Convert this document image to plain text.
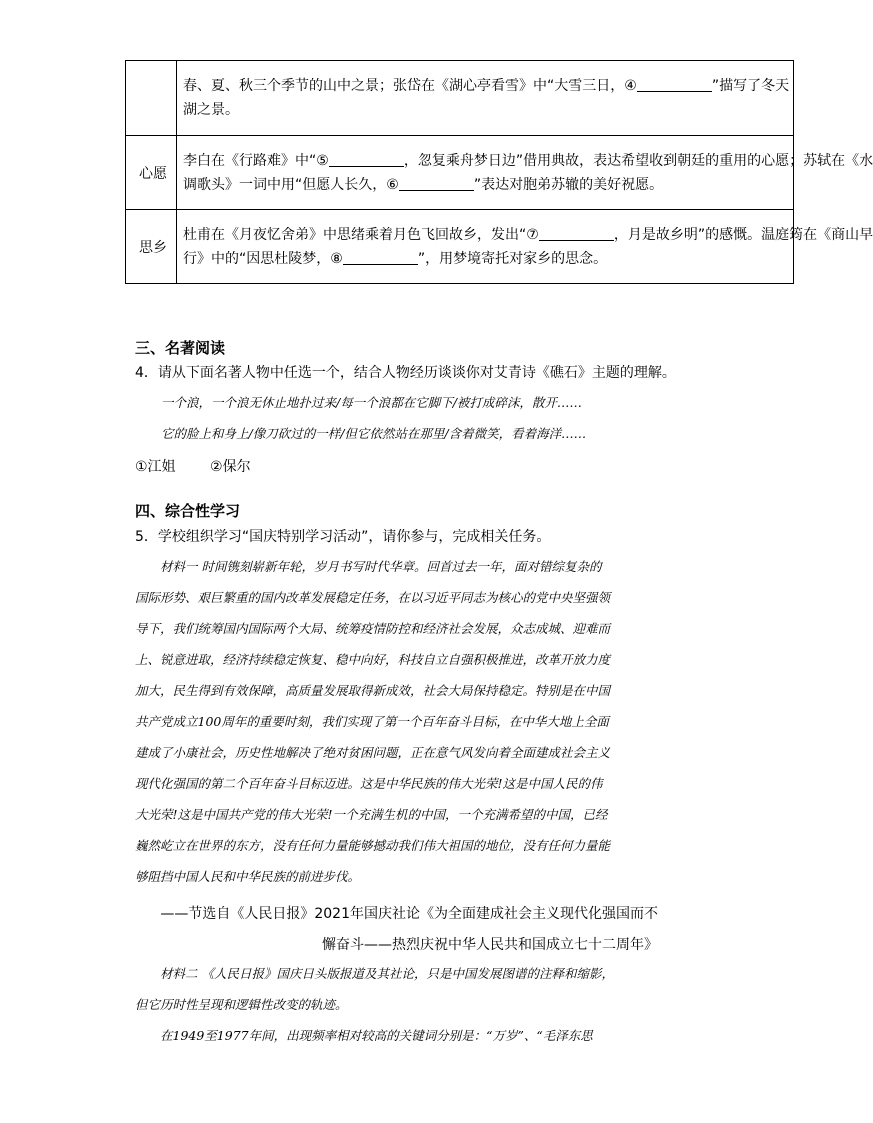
	春、夏、秋三个季节的山中之景；张岱在《湖心亭看雪》中“大雪三日，④ ”描写了冬天
湖之景。

心愿	李白在《行路难》中“⑤ ，忽复乘舟梦日边”借用典故，表达希望收到朝廷的重用的心愿；苏轼在《水
调歌头》一词中用“但愿人长久，⑥ ”表达对胞弟苏辙的美好祝愿。

思乡	杜甫在《月夜忆舍弟》中思绪乘着月色飞回故乡，发出“⑦ ，月是故乡明”的感慨。温庭筠在《商山早
行》中的“因思杜陵梦，⑧ ”，用梦境寄托对家乡的思念。
三、名著阅读
4．请从下面名著人物中任选一个，结合人物经历谈谈你对艾青诗《礁石》主题的理解。
一个浪，一个浪无休止地扑过来/每一个浪都在它脚下/被打成碎沫，散开……
它的脸上和身上/像刀砍过的一样/但它依然站在那里/含着微笑，看着海洋……
①江姐 ②保尔
四、综合性学习
5．学校组织学习“国庆特别学习活动”，请你参与，完成相关任务。
材料一 时间镌刻崭新年轮，岁月书写时代华章。回首过去一年，面对错综复杂的
国际形势、艰巨繁重的国内改革发展稳定任务，在以习近平同志为核心的党中央坚强领
导下，我们统筹国内国际两个大局、统筹疫情防控和经济社会发展，众志成城、迎难而
上、锐意进取，经济持续稳定恢复、稳中向好，科技自立自强积极推进，改革开放力度
加大，民生得到有效保障，高质量发展取得新成效，社会大局保持稳定。特别是在中国
共产党成立100周年的重要时刻，我们实现了第一个百年奋斗目标，在中华大地上全面
建成了小康社会，历史性地解决了绝对贫困问题，正在意气风发向着全面建成社会主义
现代化强国的第二个百年奋斗目标迈进。这是中华民族的伟大光荣!这是中国人民的伟
大光荣!这是中国共产党的伟大光荣!一个充满生机的中国，一个充满希望的中国，已经
巍然屹立在世界的东方，没有任何力量能够撼动我们伟大祖国的地位，没有任何力量能
够阻挡中国人民和中华民族的前进步伐。
——节选自《人民日报》2021年国庆社论《为全面建成社会主义现代化强国而不
懈奋斗——热烈庆祝中华人民共和国成立七十二周年》
材料二 《人民日报》国庆日头版报道及其社论，只是中国发展图谱的注释和缩影，
但它历时性呈现和逻辑性改变的轨迹。
在1949至1977年间，出现频率相对较高的关键词分别是：“万岁”、“毛泽东思
